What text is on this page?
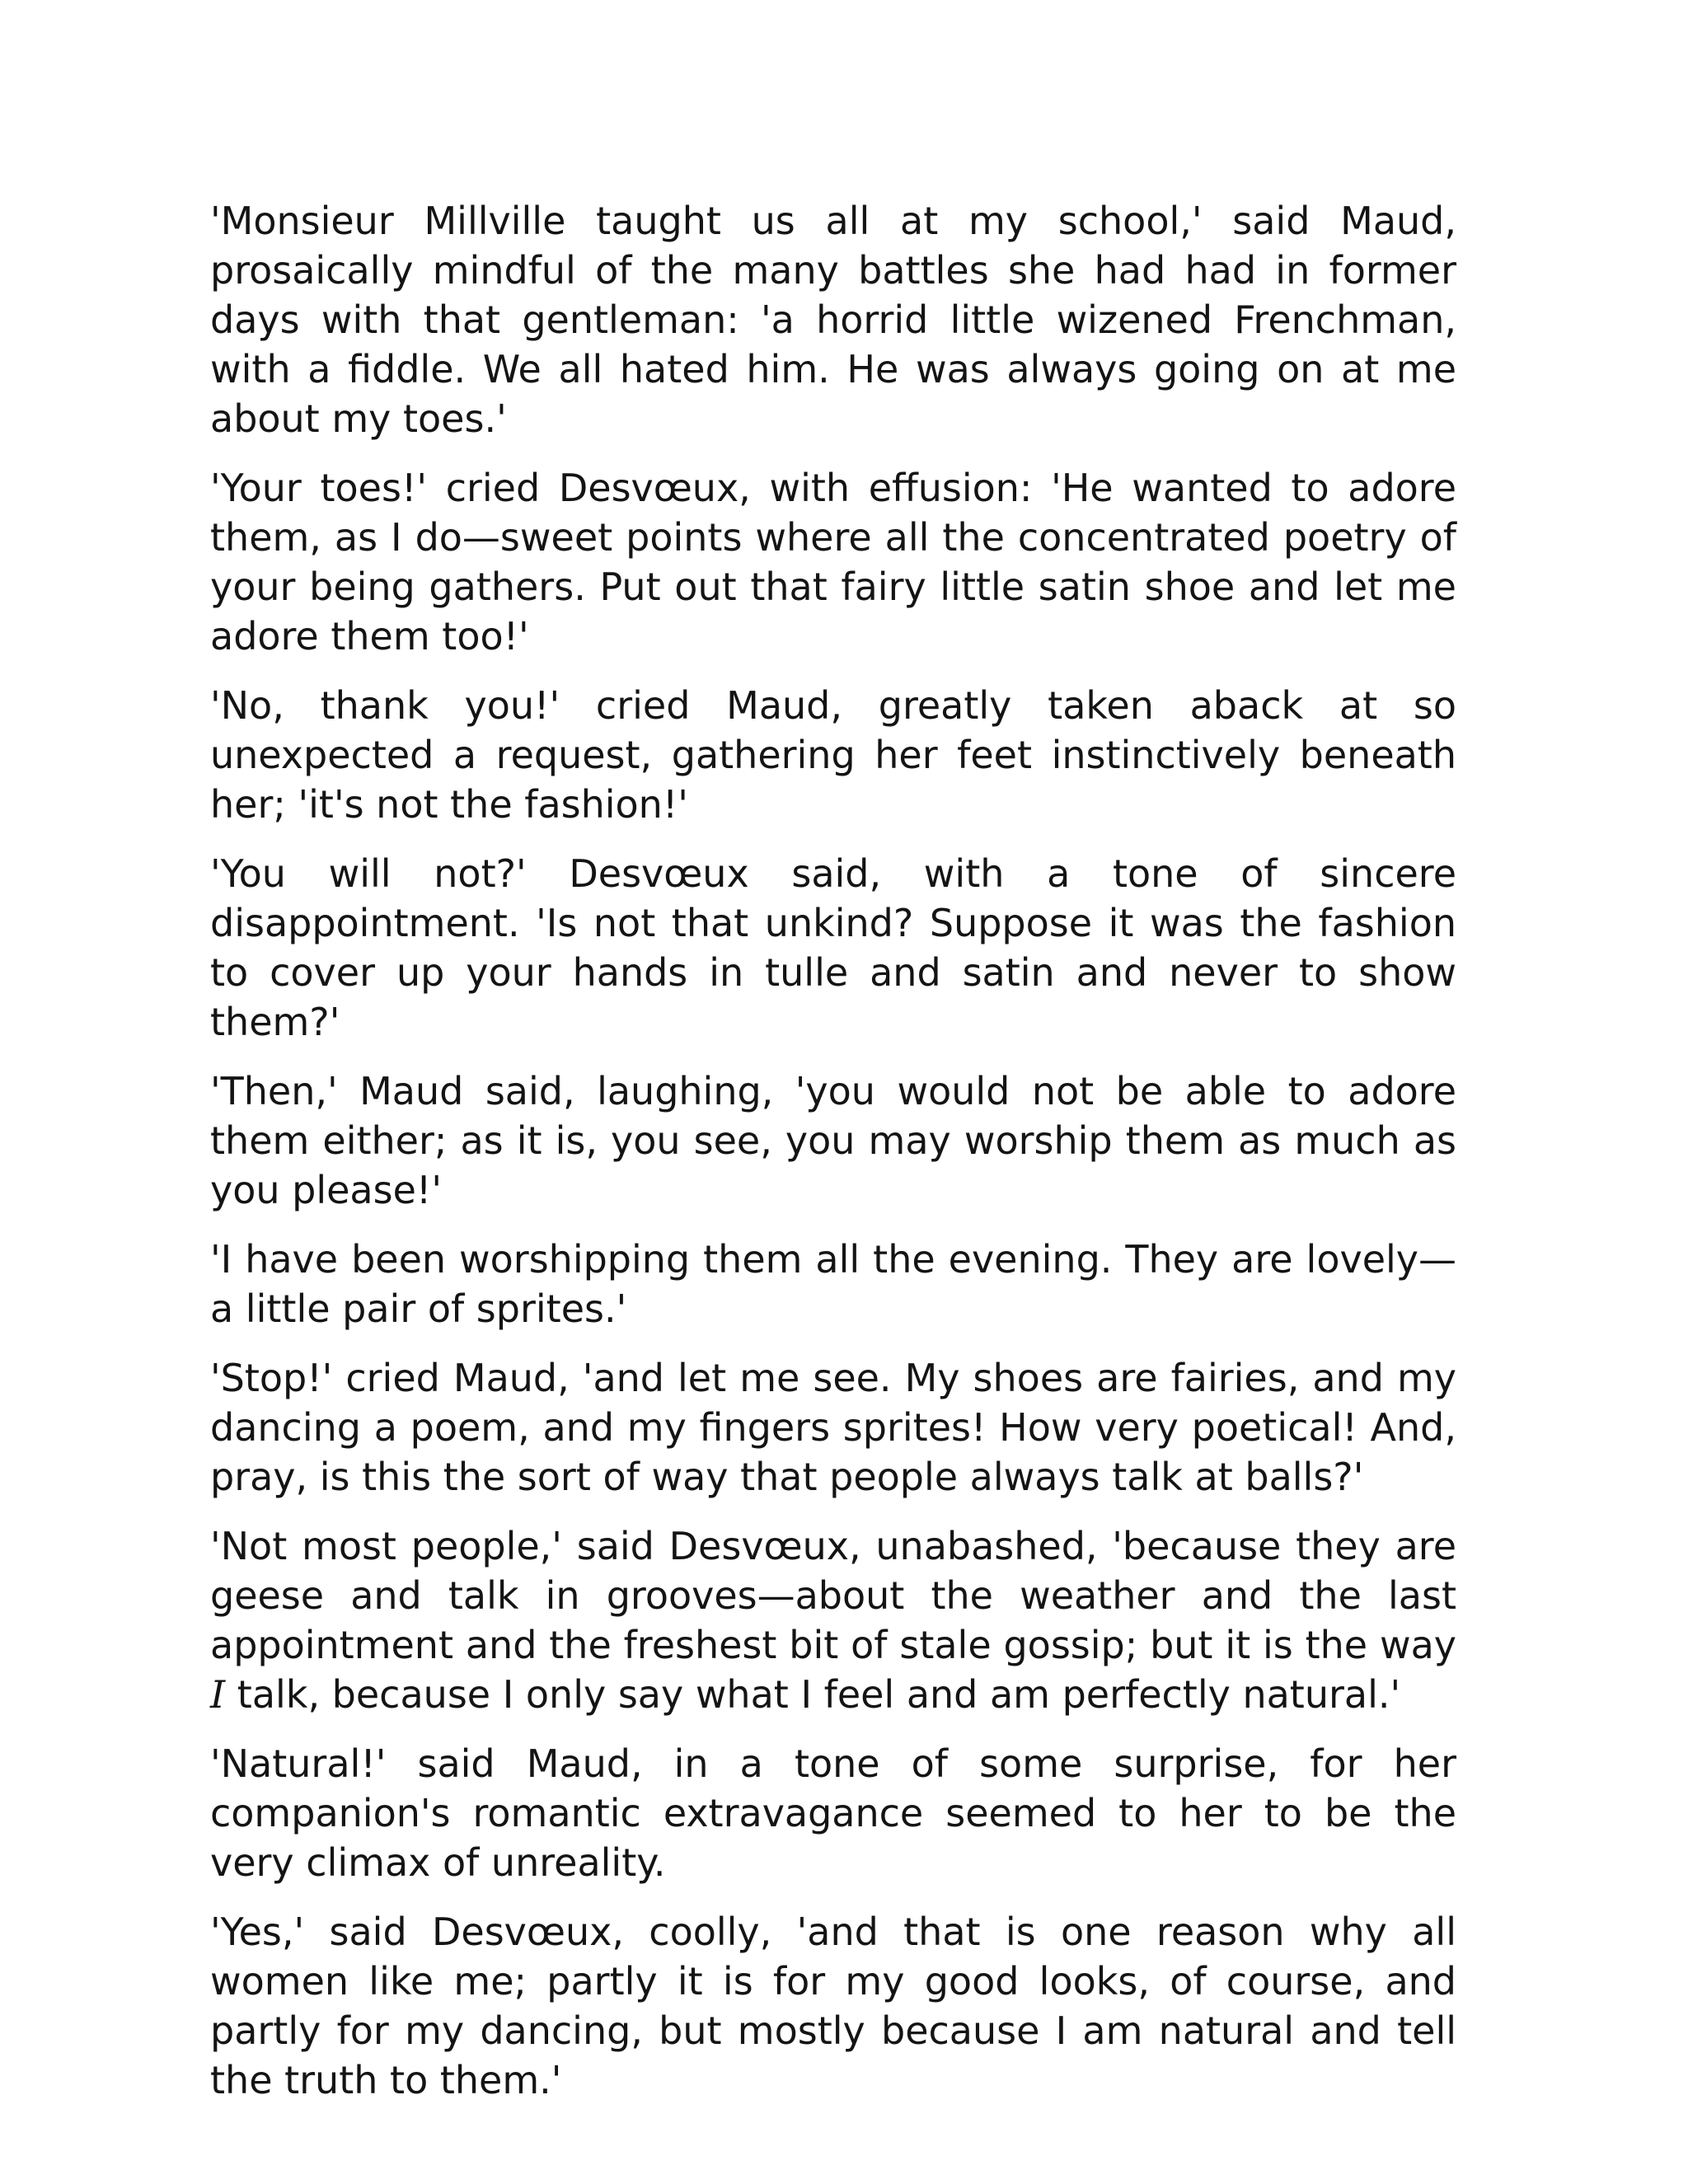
'Monsieur Millville taught us all at my school,' said Maud, prosaically mindful of the many battles she had had in former days with that gentleman: 'a horrid little wizened Frenchman, with a fiddle. We all hated him. He was always going on at me about my toes.'

'Your toes!' cried Desvœux, with effusion: 'He wanted to adore them, as I do—sweet points where all the concentrated poetry of your being gathers. Put out that fairy little satin shoe and let me adore them too!'

'No, thank you!' cried Maud, greatly taken aback at so unexpected a request, gathering her feet instinctively beneath her; 'it's not the fashion!'

'You will not?' Desvœux said, with a tone of sincere disappointment. 'Is not that unkind? Suppose it was the fashion to cover up your hands in tulle and satin and never to show them?'

'Then,' Maud said, laughing, 'you would not be able to adore them either; as it is, you see, you may worship them as much as you please!'

'I have been worshipping them all the evening. They are lovely—a little pair of sprites.'

'Stop!' cried Maud, 'and let me see. My shoes are fairies, and my dancing a poem, and my fingers sprites! How very poetical! And, pray, is this the sort of way that people always talk at balls?'

'Not most people,' said Desvœux, unabashed, 'because they are geese and talk in grooves—about the weather and the last appointment and the freshest bit of stale gossip; but it is the way I talk, because I only say what I feel and am perfectly natural.'

'Natural!' said Maud, in a tone of some surprise, for her companion's romantic extravagance seemed to her to be the very climax of unreality.

'Yes,' said Desvœux, coolly, 'and that is one reason why all women like me; partly it is for my good looks, of course, and partly for my dancing, but mostly because I am natural and tell the truth to them.'
